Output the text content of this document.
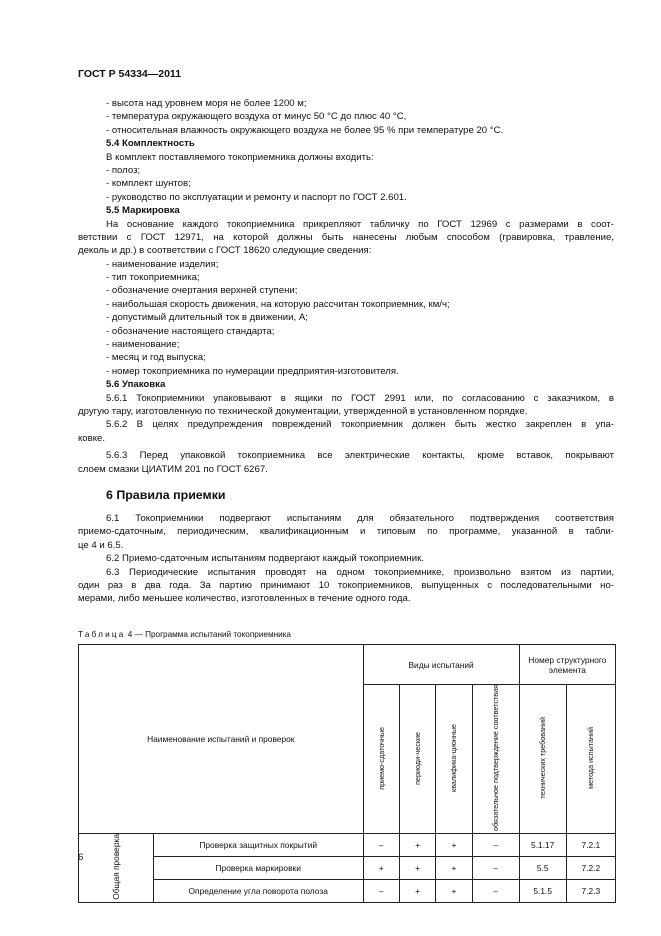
ГОСТ Р 54334—2011
- высота над уровнем моря не более 1200 м;
- температура окружающего воздуха от минус 50 °С до плюс 40 °С,
- относительная влажность окружающего воздуха не более 95 % при температуре 20 °С.
5.4 Комплектность
В комплект поставляемого токоприемника должны входить:
- полоз;
- комплект шунтов;
- руководство по эксплуатации и ремонту и паспорт по ГОСТ 2.601.
5.5 Маркировка
На основание каждого токоприемника прикрепляют табличку по ГОСТ 12969 с размерами в соот-
ветствии с ГОСТ 12971, на которой должны быть нанесены любым способом (гравировка, травление,
деколь и др.) в соответствии с ГОСТ 18620 следующие сведения:
- наименование изделия;
- тип токоприемника;
- обозначение очертания верхней ступени;
- наибольшая скорость движения, на которую рассчитан токоприемник, км/ч;
- допустимый длительный ток в движении, А;
- обозначение настоящего стандарта;
- наименование;
- месяц и год выпуска;
- номер токоприемника по нумерации предприятия-изготовителя.
5.6 Упаковка
5.6.1 Токоприемники упаковывают в ящики по ГОСТ 2991 или, по согласованию с заказчиком, в
другую тару, изготовленную по технической документации, утвержденной в установленном порядке.
5.6.2 В целях предупреждения повреждений токоприемник должен быть жестко закреплен в упа-
ковке.
5.6.3 Перед упаковкой токоприемника все электрические контакты, кроме вставок, покрывают
слоем смазки ЦИАТИМ 201 по ГОСТ 6267.
6 Правила приемки
6.1 Токоприемники подвергают испытаниям для обязательного подтверждения соответствия
приемо-сдаточным, периодическим, квалификационным и типовым по программе, указанной в табли-
це 4 и 6.5.
6.2 Приемо-сдаточным испытаниям подвергают каждый токоприемник.
6.3 Периодические испытания проводят на одном токоприемнике, произвольно взятом из партии,
один раз в два года. За партию принимают 10 токоприемников, выпущенных с последовательными но-
мерами, либо меньшее количество, изготовленных в течение одного года.
Таблица 4 — Программа испытаний токоприемника
Наименование испытаний и проверок		Виды испытаний				Номер структурного элемента	
		приемо-сдаточные	периоди-ческие	квалифика-ционные	обязательное подтверждение соответствия	технических требований	метода испытаний
Общая проверка	Проверка защитных покрытий	–	+	+	–	5.1.17	7.2.1
	Проверка маркировки	+	+	+	–	5.5	7.2.2
	Определение угла поворота полоза	–	+	+	–	5.1.5	7.2.3
6
